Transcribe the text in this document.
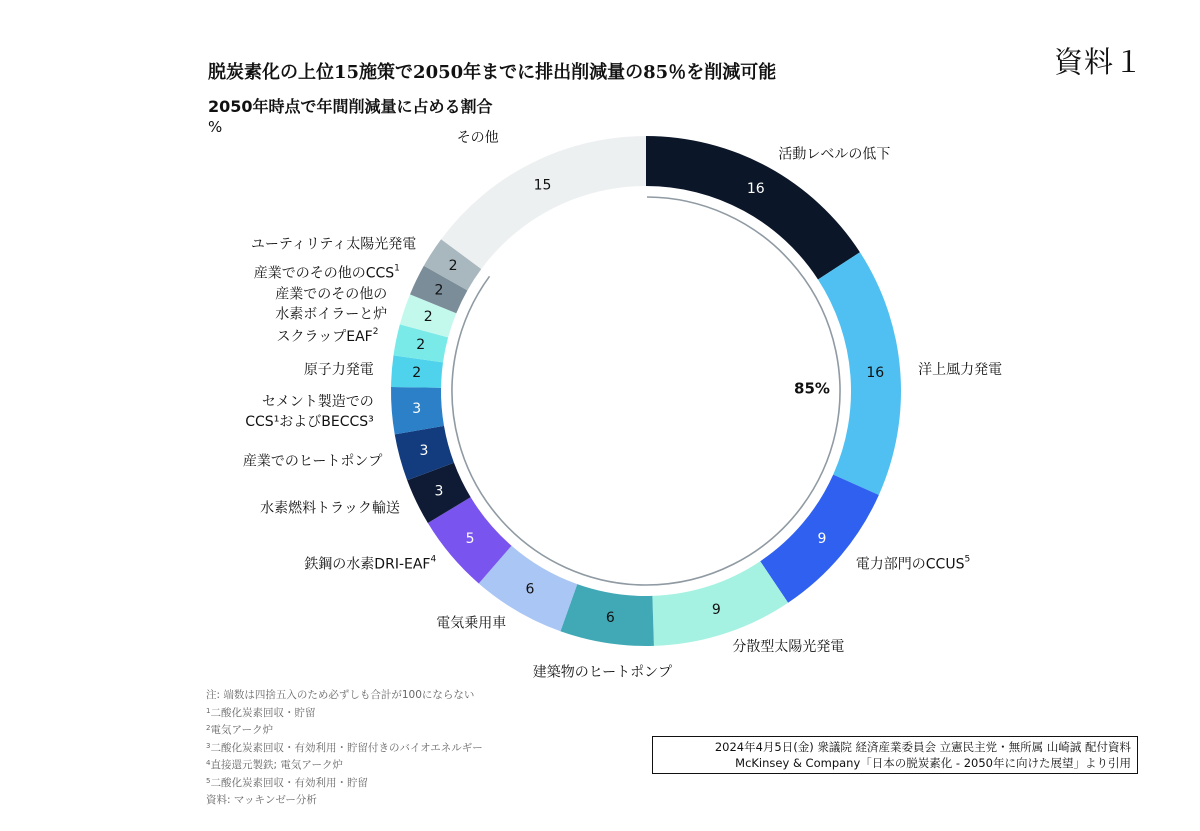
資料１
脱炭素化の上位15施策で2050年までに排出削減量の85％を削減可能
2050年時点で年間削減量に占める割合
%
85%
16
活動レベルの低下
16 洋上風力発電
9
電力部門のCCUS$^5$
9
分散型太陽光発電
6
建築物のヒートポンプ
6
電気乗用車
5
鉄鋼の水素DRI-EAF$^4$
3
水素燃料トラック輸送
3
産業でのヒートポンプ
3
セメント製造での
CCS¹およびBECCS³
2
原子力発電
2
スクラップEAF$^2$
2
産業でのその他の
水素ボイラーと炉
2
産業でのその他のCCS$^1$	2
ユーティリティ太陽光発電
15
その他
注: 端数は四捨五入のため必ずしも合計が100にならない
$^1$二酸化炭素回収・貯留
$^2$電気アーク炉
$^3$二酸化炭素回収・有効利用・貯留付きのバイオエネルギー
$^4$直接還元製鉄; 電気アーク炉
$^5$二酸化炭素回収・有効利用・貯留
資料: マッキンゼー分析
2024年4月5日(金) 衆議院 経済産業委員会 立憲民主党・無所属 山崎誠 配付資料
McKinsey & Company「日本の脱炭素化 - 2050年に向けた展望」より引用
